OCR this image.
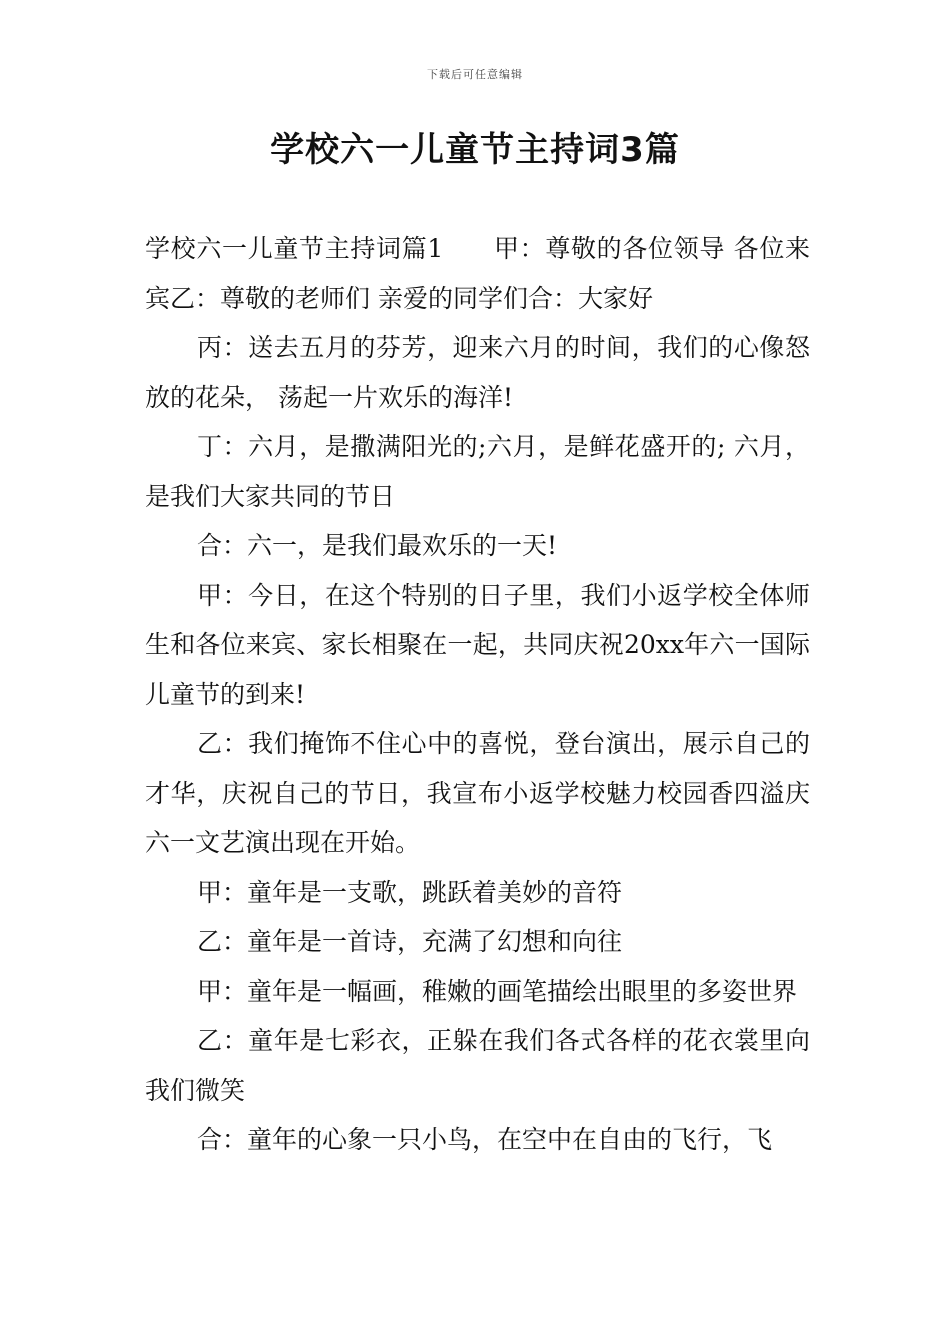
下载后可任意编辑
学校六一儿童节主持词3篇

学校六一儿童节主持词篇1 甲：尊敬的各位领导 各位来宾乙：尊敬的老师们 亲爱的同学们合：大家好

丙：送去五月的芬芳，迎来六月的时间，我们的心像怒放的花朵， 荡起一片欢乐的海洋!

丁：六月，是撒满阳光的;六月，是鲜花盛开的; 六月，是我们大家共同的节日

合：六一，是我们最欢乐的一天!

甲：今日，在这个特别的日子里，我们小返学校全体师生和各位来宾、家长相聚在一起，共同庆祝20xx年六一国际儿童节的到来!

乙：我们掩饰不住心中的喜悦，登台演出，展示自己的才华，庆祝自己的节日，我宣布小返学校魅力校园香四溢庆六一文艺演出现在开始。

甲：童年是一支歌，跳跃着美妙的音符

乙：童年是一首诗，充满了幻想和向往

甲：童年是一幅画，稚嫩的画笔描绘出眼里的多姿世界

乙：童年是七彩衣，正躲在我们各式各样的花衣裳里向我们微笑

合：童年的心象一只小鸟，在空中在自由的飞行，飞
